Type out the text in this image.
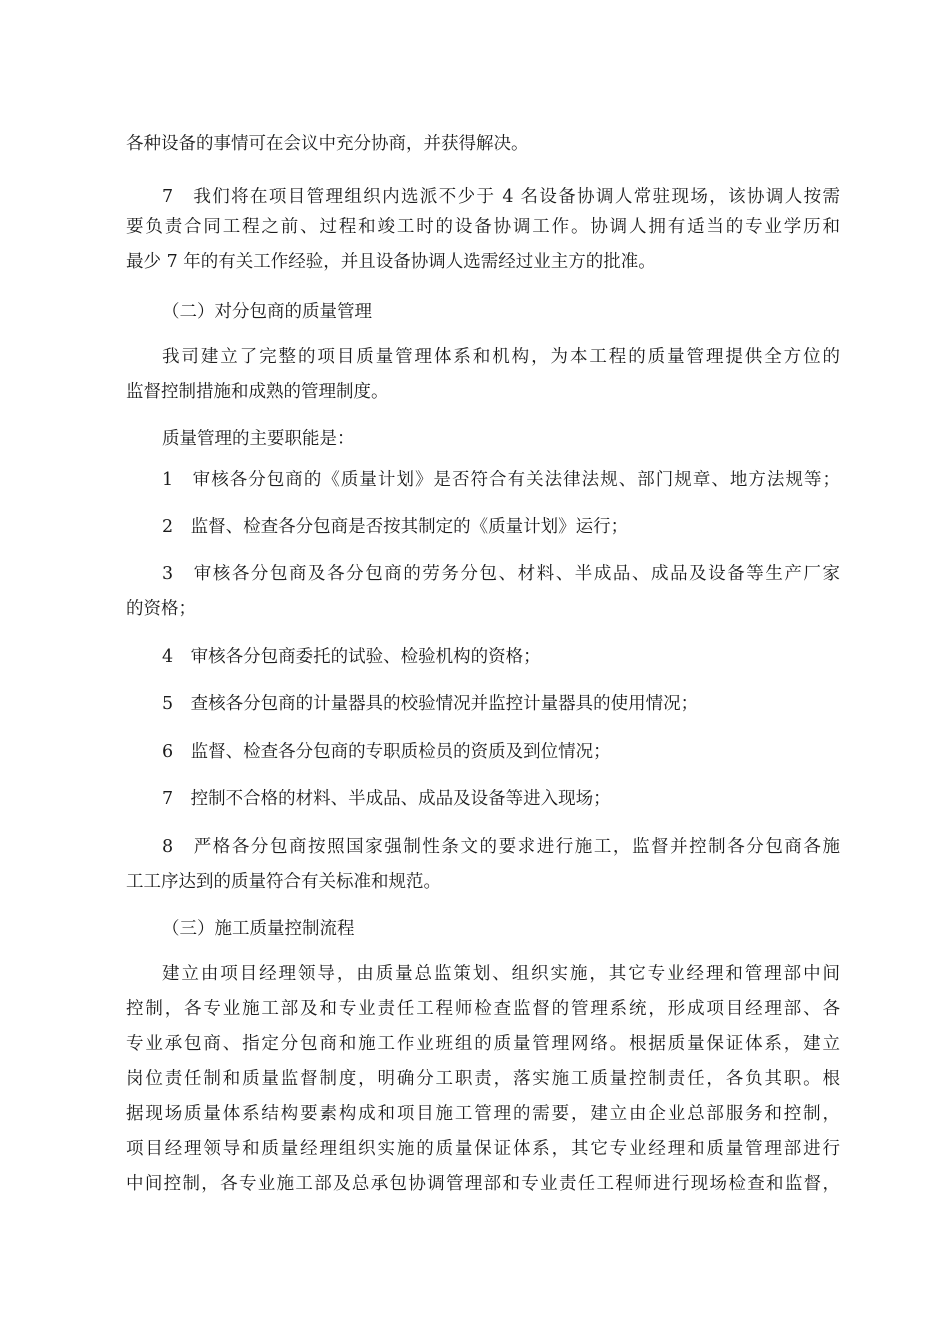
各种设备的事情可在会议中充分协商，并获得解决。
7　我们将在项目管理组织内选派不少于 4 名设备协调人常驻现场，该协调人按需
要负责合同工程之前、过程和竣工时的设备协调工作。协调人拥有适当的专业学历和
最少 7 年的有关工作经验，并且设备协调人选需经过业主方的批准。
（二）对分包商的质量管理
我司建立了完整的项目质量管理体系和机构，为本工程的质量管理提供全方位的
监督控制措施和成熟的管理制度。
质量管理的主要职能是：
1　审核各分包商的《质量计划》是否符合有关法律法规、部门规章、地方法规等；
2　监督、检查各分包商是否按其制定的《质量计划》运行；
3　审核各分包商及各分包商的劳务分包、材料、半成品、成品及设备等生产厂家
的资格；
4　审核各分包商委托的试验、检验机构的资格；
5　查核各分包商的计量器具的校验情况并监控计量器具的使用情况；
6　监督、检查各分包商的专职质检员的资质及到位情况；
7　控制不合格的材料、半成品、成品及设备等进入现场；
8　严格各分包商按照国家强制性条文的要求进行施工，监督并控制各分包商各施
工工序达到的质量符合有关标准和规范。
（三）施工质量控制流程
建立由项目经理领导，由质量总监策划、组织实施，其它专业经理和管理部中间
控制，各专业施工部及和专业责任工程师检查监督的管理系统，形成项目经理部、各
专业承包商、指定分包商和施工作业班组的质量管理网络。根据质量保证体系，建立
岗位责任制和质量监督制度，明确分工职责，落实施工质量控制责任，各负其职。根
据现场质量体系结构要素构成和项目施工管理的需要，建立由企业总部服务和控制，
项目经理领导和质量经理组织实施的质量保证体系，其它专业经理和质量管理部进行
中间控制，各专业施工部及总承包协调管理部和专业责任工程师进行现场检查和监督，
